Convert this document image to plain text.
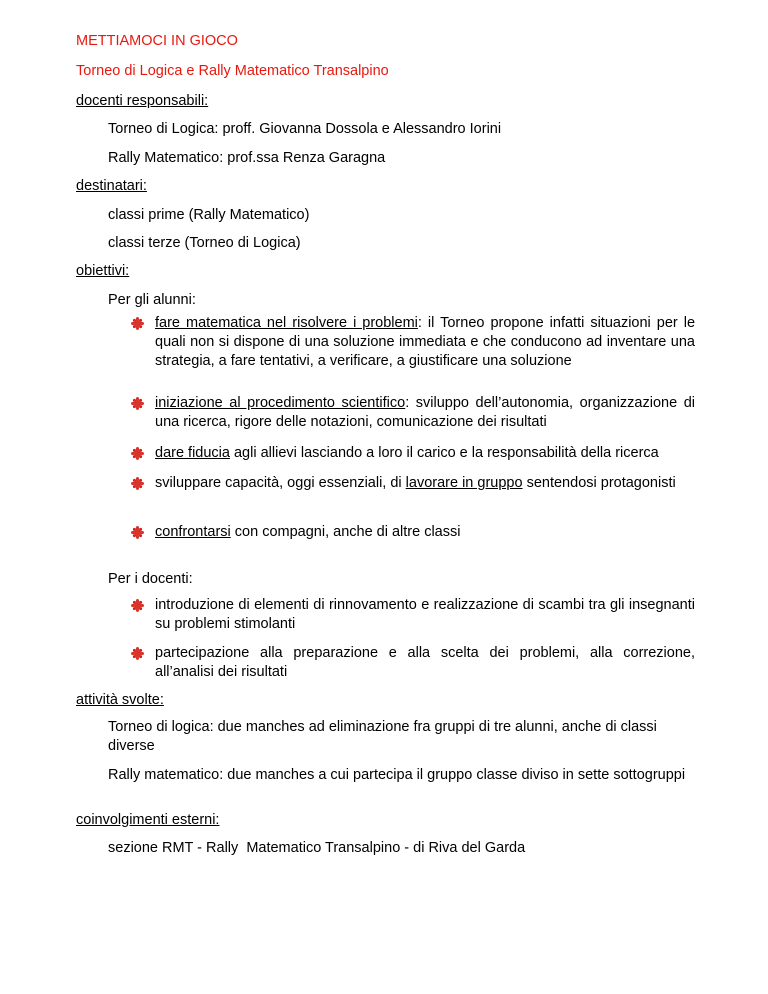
METTIAMOCI IN GIOCO
Torneo di Logica e Rally Matematico Transalpino
docenti responsabili:
Torneo di Logica: proff. Giovanna Dossola e Alessandro Iorini
Rally Matematico: prof.ssa Renza Garagna
destinatari:
classi prime (Rally Matematico)
classi terze (Torneo di Logica)
obiettivi:
Per gli alunni:
fare matematica nel risolvere i problemi: il Torneo propone infatti situazioni per le quali non si dispone di una soluzione immediata e che conducono ad inventare una strategia, a fare tentativi, a verificare, a giustificare una soluzione
iniziazione al procedimento scientifico: sviluppo dell’autonomia, organizzazione di una ricerca, rigore delle notazioni, comunicazione dei risultati
dare fiducia agli allievi lasciando a loro il carico e la responsabilità della ricerca
sviluppare capacità, oggi essenziali, di lavorare in gruppo sentendosi protagonisti
confrontarsi con compagni, anche di altre classi
Per i docenti:
introduzione di elementi di rinnovamento e realizzazione di scambi tra gli insegnanti su problemi stimolanti
partecipazione alla preparazione e alla scelta dei problemi, alla correzione, all’analisi dei risultati
attività svolte:
Torneo di logica: due manches ad eliminazione fra gruppi di tre alunni, anche di classi diverse
Rally matematico: due manches a cui partecipa il gruppo classe diviso in sette sottogruppi
coinvolgimenti esterni:
sezione RMT - Rally  Matematico Transalpino - di Riva del Garda
